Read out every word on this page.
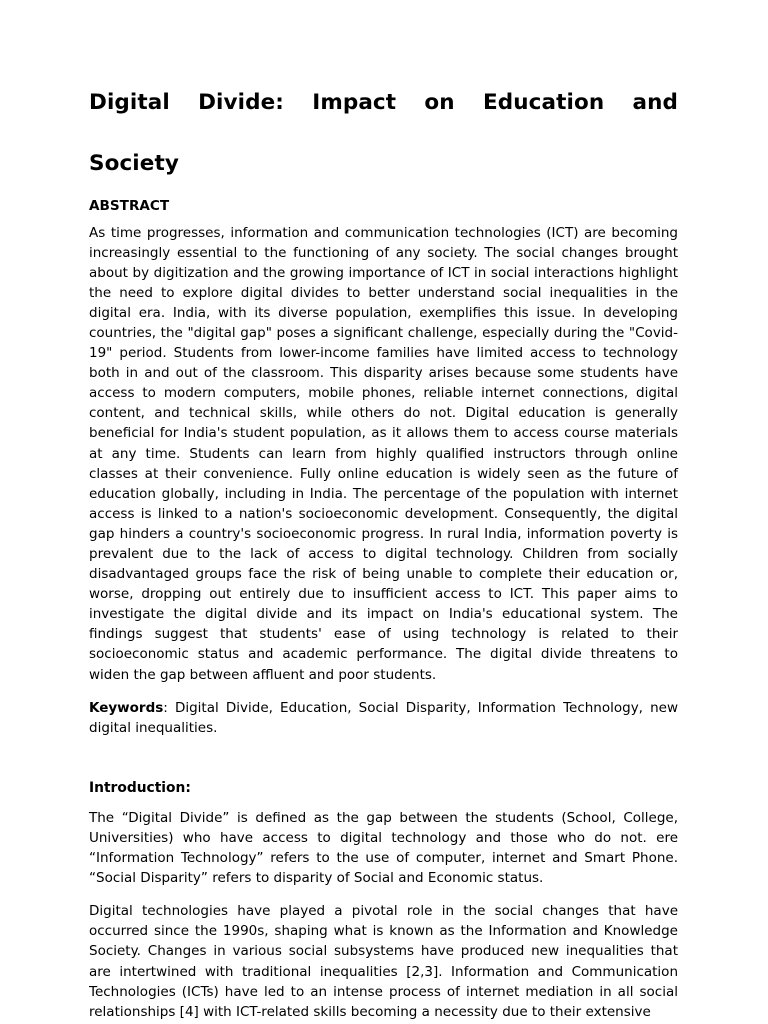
Digital Divide: Impact on Education and
Society
ABSTRACT

As time progresses, information and communication technologies (ICT) are becoming increasingly essential to the functioning of any society. The social changes brought about by digitization and the growing importance of ICT in social interactions highlight the need to explore digital divides to better understand social inequalities in the digital era. India, with its diverse population, exemplifies this issue. In developing countries, the "digital gap" poses a significant challenge, especially during the "Covid-19" period. Students from lower-income families have limited access to technology both in and out of the classroom. This disparity arises because some students have access to modern computers, mobile phones, reliable internet connections, digital content, and technical skills, while others do not. Digital education is generally beneficial for India's student population, as it allows them to access course materials at any time. Students can learn from highly qualified instructors through online classes at their convenience. Fully online education is widely seen as the future of education globally, including in India. The percentage of the population with internet access is linked to a nation's socioeconomic development. Consequently, the digital gap hinders a country's socioeconomic progress. In rural India, information poverty is prevalent due to the lack of access to digital technology. Children from socially disadvantaged groups face the risk of being unable to complete their education or, worse, dropping out entirely due to insufficient access to ICT. This paper aims to investigate the digital divide and its impact on India's educational system. The findings suggest that students' ease of using technology is related to their socioeconomic status and academic performance. The digital divide threatens to widen the gap between affluent and poor students.

Keywords: Digital Divide, Education, Social Disparity, Information Technology, new digital inequalities.

Introduction:

The “Digital Divide” is defined as the gap between the students (School, College, Universities) who have access to digital technology and those who do not. ere “Information Technology” refers to the use of computer, internet and Smart Phone. “Social Disparity” refers to disparity of Social and Economic status.

Digital technologies have played a pivotal role in the social changes that have occurred since the 1990s, shaping what is known as the Information and Knowledge Society. Changes in various social subsystems have produced new inequalities that are intertwined with traditional inequalities [2,3]. Information and Communication Technologies (ICTs) have led to an intense process of internet mediation in all social relationships [4] with ICT-related skills becoming a necessity due to their extensive
